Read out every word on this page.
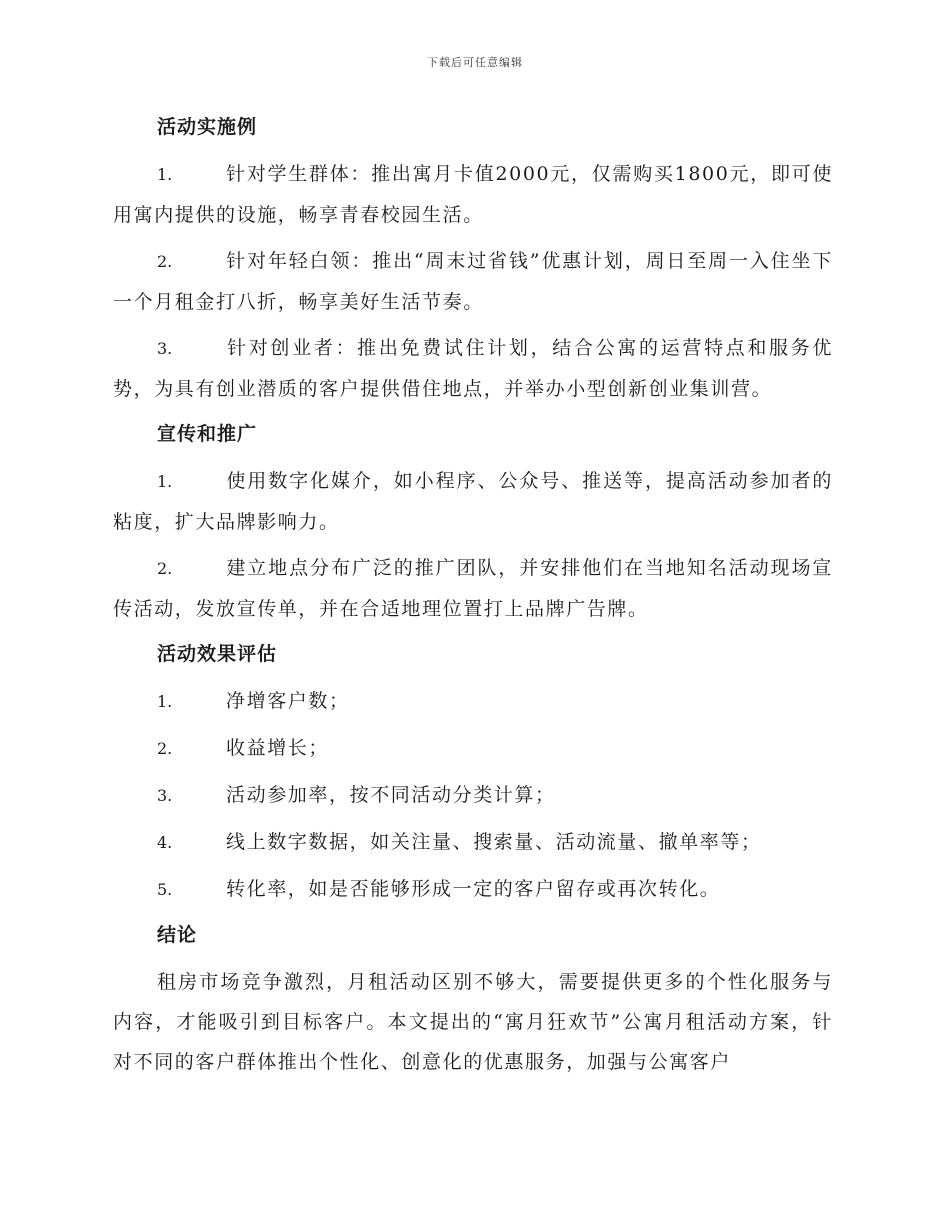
下载后可任意编辑
活动实施例
1.	针对学生群体：推出寓月卡值2000元，仅需购买1800元，即可使用寓内提供的设施，畅享青春校园生活。
2.	针对年轻白领：推出“周末过省钱”优惠计划，周日至周一入住坐下一个月租金打八折，畅享美好生活节奏。
3.	针对创业者：推出免费试住计划，结合公寓的运营特点和服务优势，为具有创业潜质的客户提供借住地点，并举办小型创新创业集训营。
宣传和推广
1.	使用数字化媒介，如小程序、公众号、推送等，提高活动参加者的粘度，扩大品牌影响力。
2.	建立地点分布广泛的推广团队，并安排他们在当地知名活动现场宣传活动，发放宣传单，并在合适地理位置打上品牌广告牌。
活动效果评估
1.	净增客户数；
2.	收益增长；
3.	活动参加率，按不同活动分类计算；
4.	线上数字数据，如关注量、搜索量、活动流量、撤单率等；
5.	转化率，如是否能够形成一定的客户留存或再次转化。
结论

租房市场竞争激烈，月租活动区别不够大，需要提供更多的个性化服务与内容，才能吸引到目标客户。本文提出的“寓月狂欢节”公寓月租活动方案，针对不同的客户群体推出个性化、创意化的优惠服务，加强与公寓客户
